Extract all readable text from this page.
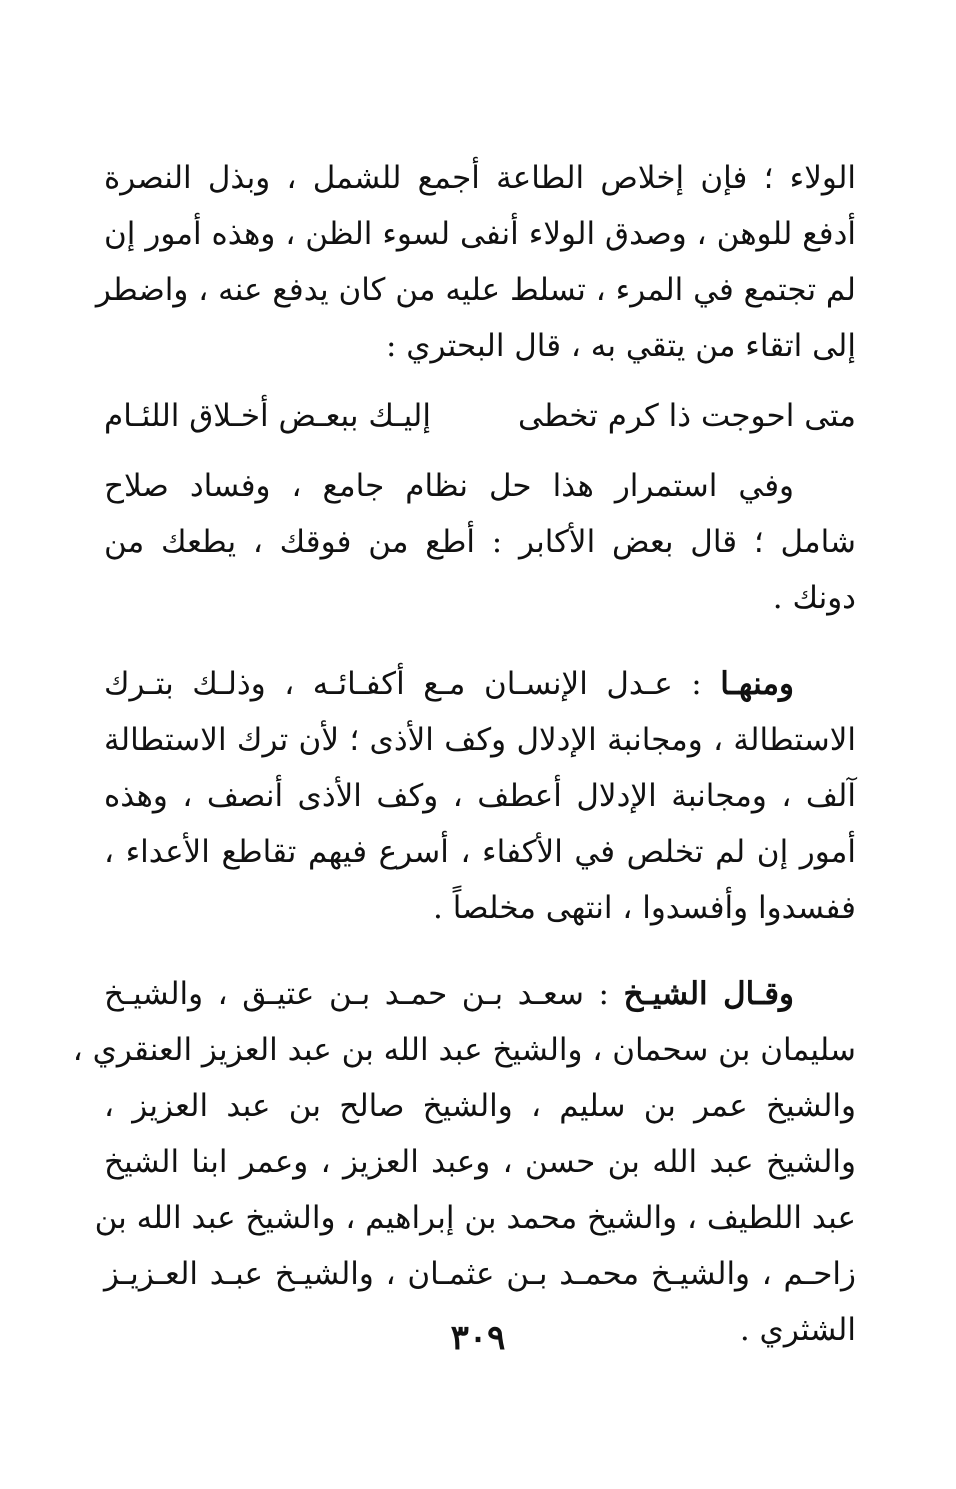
الولاء ؛ فإن إخلاص الطاعة أجمع للشمل ، وبذل النصرة
أدفع للوهن ، وصدق الولاء أنفى لسوء الظن ، وهذه أمور إن
لم تجتمع في المرء ، تسلط عليه من كان يدفع عنه ، واضطر
إلى اتقاء من يتقي به ، قال البحتري :
متى احوجت ذا كرم تخطى
إليـك ببعـض أخـلاق اللئـام
وفي استمرار هذا حل نظام جامع ، وفساد صلاح
شامل ؛ قال بعض الأكابر : أطع من فوقك ، يطعك من
دونك .
ومنهـا : عـدل الإنسـان مـع أكفـائـه ، وذلـك بتـرك
الاستطالة ، ومجانبة الإدلال وكف الأذى ؛ لأن ترك الاستطالة
آلف ، ومجانبة الإدلال أعطف ، وكف الأذى أنصف ، وهذه
أمور إن لم تخلص في الأكفاء ، أسرع فيهم تقاطع الأعداء ،
ففسدوا وأفسدوا ، انتهى مخلصاً .
وقـال الشيـخ : سعـد بـن حمـد بـن عتيـق ، والشيـخ
سليمان بن سحمان ، والشيخ عبد الله بن عبد العزيز العنقري ،
والشيخ عمر بن سليم ، والشيخ صالح بن عبد العزيز ،
والشيخ عبد الله بن حسن ، وعبد العزيز ، وعمر ابنا الشيخ
عبد اللطيف ، والشيخ محمد بن إبراهيم ، والشيخ عبد الله بن
زاحـم ، والشيـخ محمـد بـن عثمـان ، والشيـخ عبـد العـزيـز
الشثري .
٣٠٩
